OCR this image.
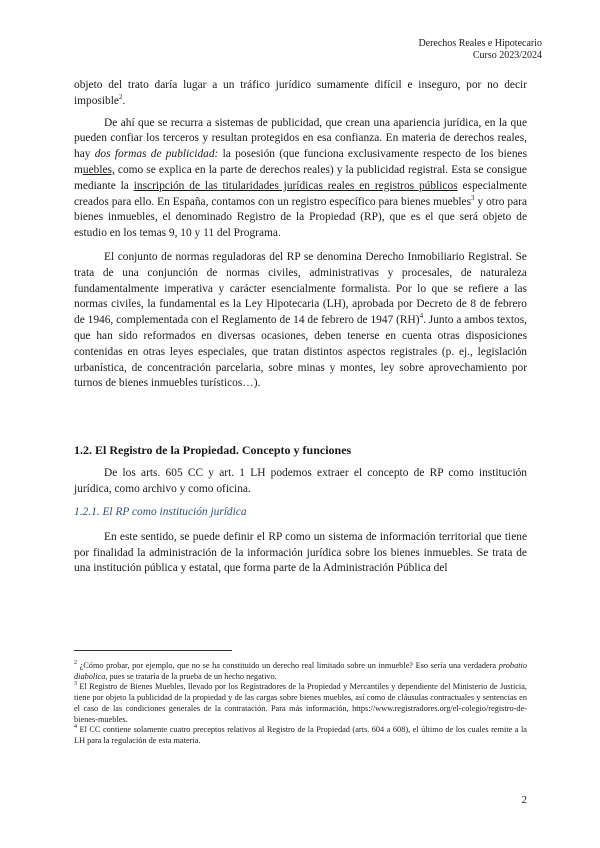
Derechos Reales e Hipotecario
Curso 2023/2024

objeto del trato daría lugar a un tráfico jurídico sumamente difícil e inseguro, por no decir imposible$^2$.

De ahí que se recurra a sistemas de publicidad, que crean una apariencia jurídica, en la que pueden confiar los terceros y resultan protegidos en esa confianza. En materia de derechos reales, hay dos formas de publicidad: la posesión (que funciona exclusivamente respecto de los bienes muebles, como se explica en la parte de derechos reales) y la publicidad registral. Esta se consigue mediante la inscripción de las titularidades jurídicas reales en registros públicos especialmente creados para ello. En España, contamos con un registro específico para bienes muebles$^3$ y otro para bienes inmuebles, el denominado Registro de la Propiedad (RP), que es el que será objeto de estudio en los temas 9, 10 y 11 del Programa.

El conjunto de normas reguladoras del RP se denomina Derecho Inmobiliario Registral. Se trata de una conjunción de normas civiles, administrativas y procesales, de naturaleza fundamentalmente imperativa y carácter esencialmente formalista. Por lo que se refiere a las normas civiles, la fundamental es la Ley Hipotecaria (LH), aprobada por Decreto de 8 de febrero de 1946, complementada con el Reglamento de 14 de febrero de 1947 (RH)$^4$. Junto a ambos textos, que han sido reformados en diversas ocasiones, deben tenerse en cuenta otras disposiciones contenidas en otras leyes especiales, que tratan distintos aspectos registrales (p. ej., legislación urbanística, de concentración parcelaria, sobre minas y montes, ley sobre aprovechamiento por turnos de bienes inmuebles turísticos…).

1.2. El Registro de la Propiedad. Concepto y funciones

De los arts. 605 CC y art. 1 LH podemos extraer el concepto de RP como institución jurídica, como archivo y como oficina.

1.2.1. El RP como institución jurídica

En este sentido, se puede definir el RP como un sistema de información territorial que tiene por finalidad la administración de la información jurídica sobre los bienes inmuebles. Se trata de una institución pública y estatal, que forma parte de la Administración Pública del

$^2$ ¿Cómo probar, por ejemplo, que no se ha constituido un derecho real limitado sobre un inmueble? Eso sería una verdadera probatio diabolica, pues se trataría de la prueba de un hecho negativo.

$^3$ El Registro de Bienes Muebles, llevado por los Registradores de la Propiedad y Mercantiles y dependiente del Ministerio de Justicia, tiene por objeto la publicidad de la propiedad y de las cargas sobre bienes muebles, así como de cláusulas contractuales y sentencias en el caso de las condiciones generales de la contratación. Para más información, https://www.registradores.org/el-colegio/registro-de-bienes-muebles.

$^4$ El CC contiene solamente cuatro preceptos relativos al Registro de la Propiedad (arts. 604 a 608), el último de los cuales remite a la LH para la regulación de esta materia.

2
